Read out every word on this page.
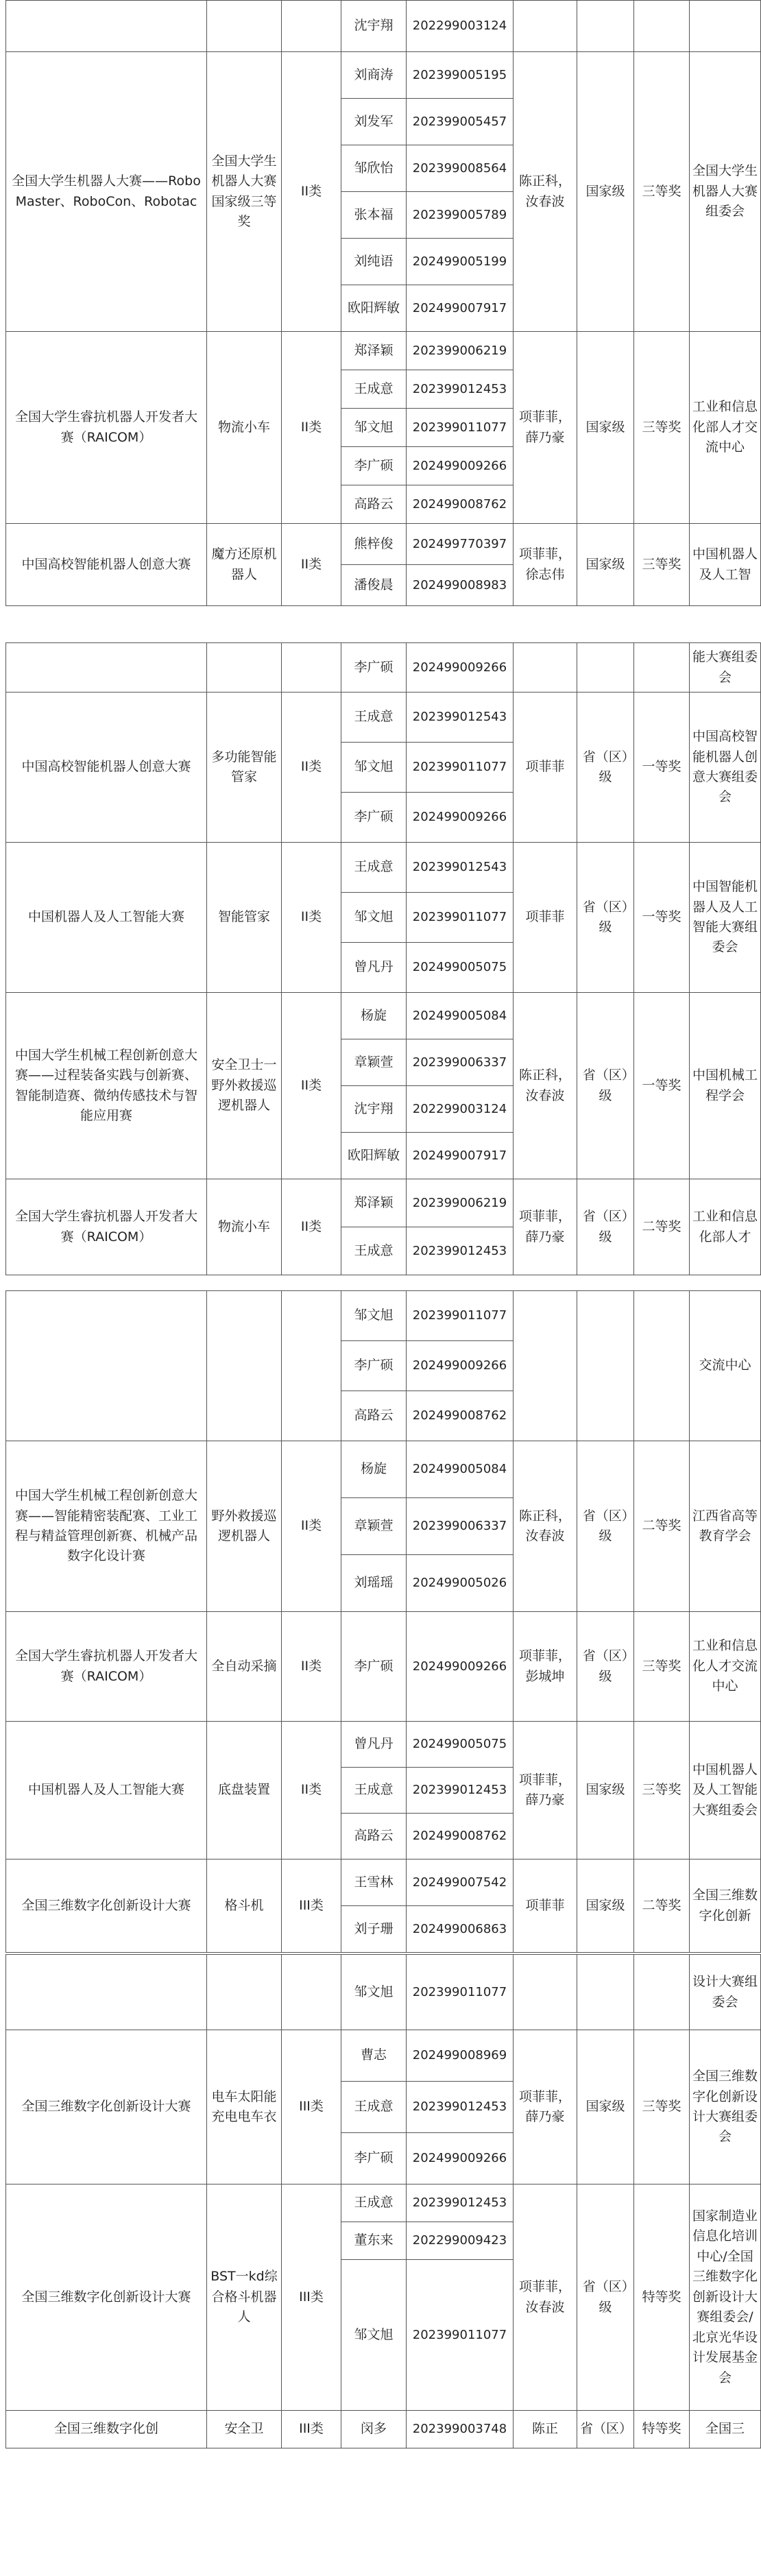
			沈宇翔	202299003124				
全国大学生机器人大赛——RoboMaster、RoboCon、Robotac	全国大学生机器人大赛国家级三等奖	II类	刘商涛	202399005195	陈正科，汝春波	国家级	三等奖	全国大学生机器人大赛组委会
			刘发军	202399005457				
			邹欣怡	202399008564				
			张本福	202399005789				
			刘纯语	202499005199				
			欧阳辉敏	202499007917				
全国大学生睿抗机器人开发者大赛（RAICOM）	物流小车	II类	郑泽颖	202399006219	项菲菲，薛乃豪	国家级	三等奖	工业和信息化部人才交流中心
			王成意	202399012453				
			邹文旭	202399011077				
			李广硕	202499009266				
			高路云	202499008762				
中国高校智能机器人创意大赛	魔方还原机器人	II类	熊梓俊	202499770397	项菲菲，徐志伟	国家级	三等奖	中国机器人及人工智
			潘俊晨	202499008983				
			李广硕	202499009266				能大赛组委会
中国高校智能机器人创意大赛	多功能智能管家	II类	王成意	202399012543	项菲菲	省（区）级	一等奖	中国高校智能机器人创意大赛组委会
			邹文旭	202399011077				
			李广硕	202499009266				
中国机器人及人工智能大赛	智能管家	II类	王成意	202399012543	项菲菲	省（区）级	一等奖	中国智能机器人及人工智能大赛组委会
			邹文旭	202399011077				
			曾凡丹	202499005075				
中国大学生机械工程创新创意大赛——过程装备实践与创新赛、智能制造赛、微纳传感技术与智能应用赛	安全卫士一野外救援巡逻机器人	II类	杨旋	202499005084	陈正科，汝春波	省（区）级	一等奖	中国机械工程学会
			章颖萱	202399006337				
			沈宇翔	202299003124				
			欧阳辉敏	202499007917				
全国大学生睿抗机器人开发者大赛（RAICOM）	物流小车	II类	郑泽颖	202399006219	项菲菲，薛乃豪	省（区）级	二等奖	工业和信息化部人才
			王成意	202399012453				
			邹文旭	202399011077				交流中心
			李广硕	202499009266				
			高路云	202499008762				
中国大学生机械工程创新创意大赛——智能精密装配赛、工业工程与精益管理创新赛、机械产品数字化设计赛	野外救援巡逻机器人	II类	杨旋	202499005084	陈正科，汝春波	省（区）级	二等奖	江西省高等教育学会
			章颖萱	202399006337				
			刘瑶瑶	202499005026				
全国大学生睿抗机器人开发者大赛（RAICOM）	全自动采摘	II类	李广硕	202499009266	项菲菲，彭城坤	省（区）级	三等奖	工业和信息化人才交流中心
中国机器人及人工智能大赛	底盘装置	II类	曾凡丹	202499005075	项菲菲，薛乃豪	国家级	三等奖	中国机器人及人工智能大赛组委会
			王成意	202399012453				
			高路云	202499008762				
全国三维数字化创新设计大赛	格斗机	III类	王雪林	202499007542	项菲菲	国家级	二等奖	全国三维数字化创新
			刘子珊	202499006863				
			邹文旭	202399011077				设计大赛组委会
全国三维数字化创新设计大赛	电车太阳能充电电车衣	III类	曹志	202499008969	项菲菲，薛乃豪	国家级	三等奖	全国三维数字化创新设计大赛组委会
			王成意	202399012453				
			李广硕	202499009266				
全国三维数字化创新设计大赛	BST一kd综合格斗机器人	III类	王成意	202399012453	项菲菲，汝春波	省（区）级	特等奖	国家制造业信息化培训中心/全国三维数字化创新设计大赛组委会/北京光华设计发展基金会
			董东来	202299009423				
			邹文旭	202399011077				
全国三维数字化创	安全卫	III类	闵多	202399003748	陈正	省（区）	特等奖	全国三
